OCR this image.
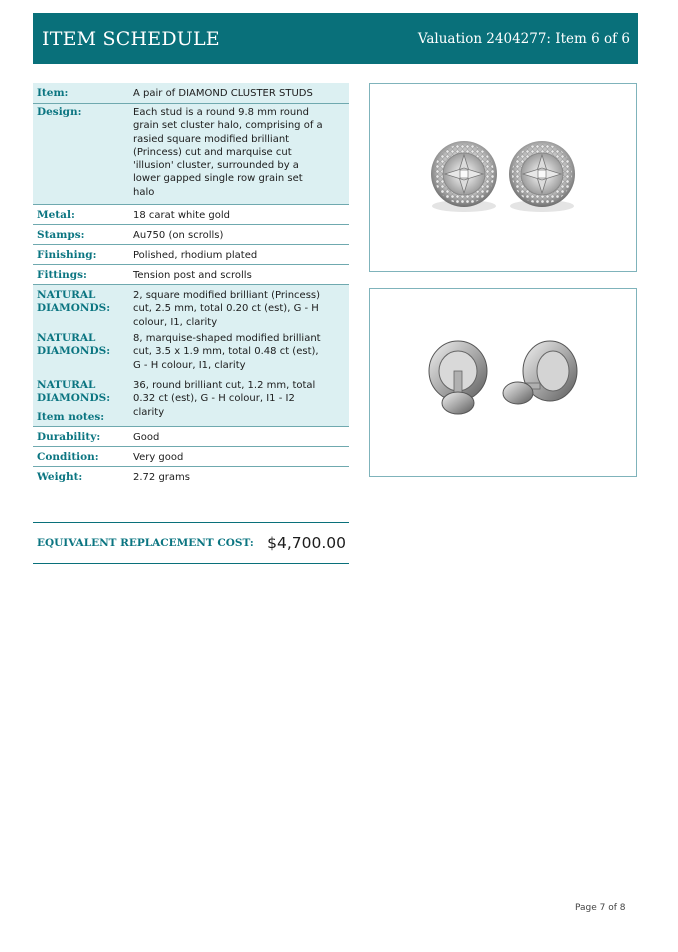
ITEM SCHEDULE	Valuation 2404277: Item 6 of 6
Item:	A pair of DIAMOND CLUSTER STUDS
Design:	Each stud is a round 9.8 mm round grain set cluster halo, comprising of a rasied square modified brilliant (Princess) cut and marquise cut 'illusion' cluster, surrounded by a lower gapped single row grain set halo
Metal:	18 carat white gold
Stamps:	Au750 (on scrolls)
Finishing:	Polished, rhodium plated
Fittings:	Tension post and scrolls
NATURAL DIAMONDS:
2, square modified brilliant (Princess) cut, 2.5 mm, total 0.20 ct (est), G - H colour, I1, clarity
NATURAL DIAMONDS:
8, marquise-shaped modified brilliant cut, 3.5 x 1.9 mm, total 0.48 ct (est), G - H colour, I1, clarity
NATURAL DIAMONDS:
36, round brilliant cut, 1.2 mm, total 0.32 ct (est), G - H colour, I1 - I2 clarity
Item notes:
Durability:	Good
Condition:	Very good
Weight:	2.72 grams
EQUIVALENT REPLACEMENT COST: $4,700.00
Page 7 of 8
